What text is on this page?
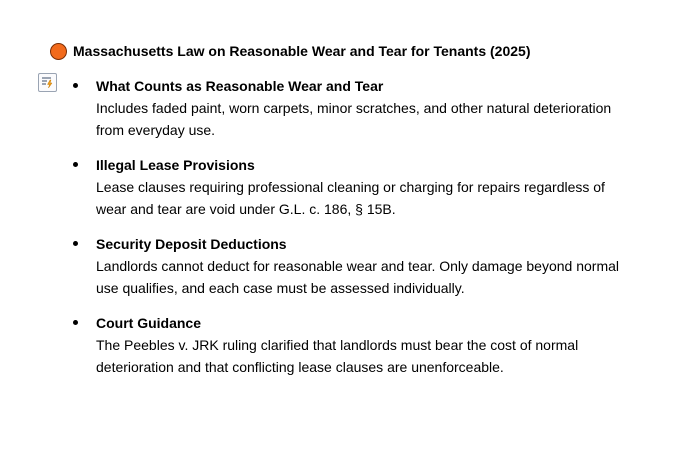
Massachusetts Law on Reasonable Wear and Tear for Tenants (2025)
What Counts as Reasonable Wear and Tear
Includes faded paint, worn carpets, minor scratches, and other natural deterioration from everyday use.
Illegal Lease Provisions
Lease clauses requiring professional cleaning or charging for repairs regardless of wear and tear are void under G.L. c. 186, § 15B.
Security Deposit Deductions
Landlords cannot deduct for reasonable wear and tear. Only damage beyond normal use qualifies, and each case must be assessed individually.
Court Guidance
The Peebles v. JRK ruling clarified that landlords must bear the cost of normal deterioration and that conflicting lease clauses are unenforceable.
